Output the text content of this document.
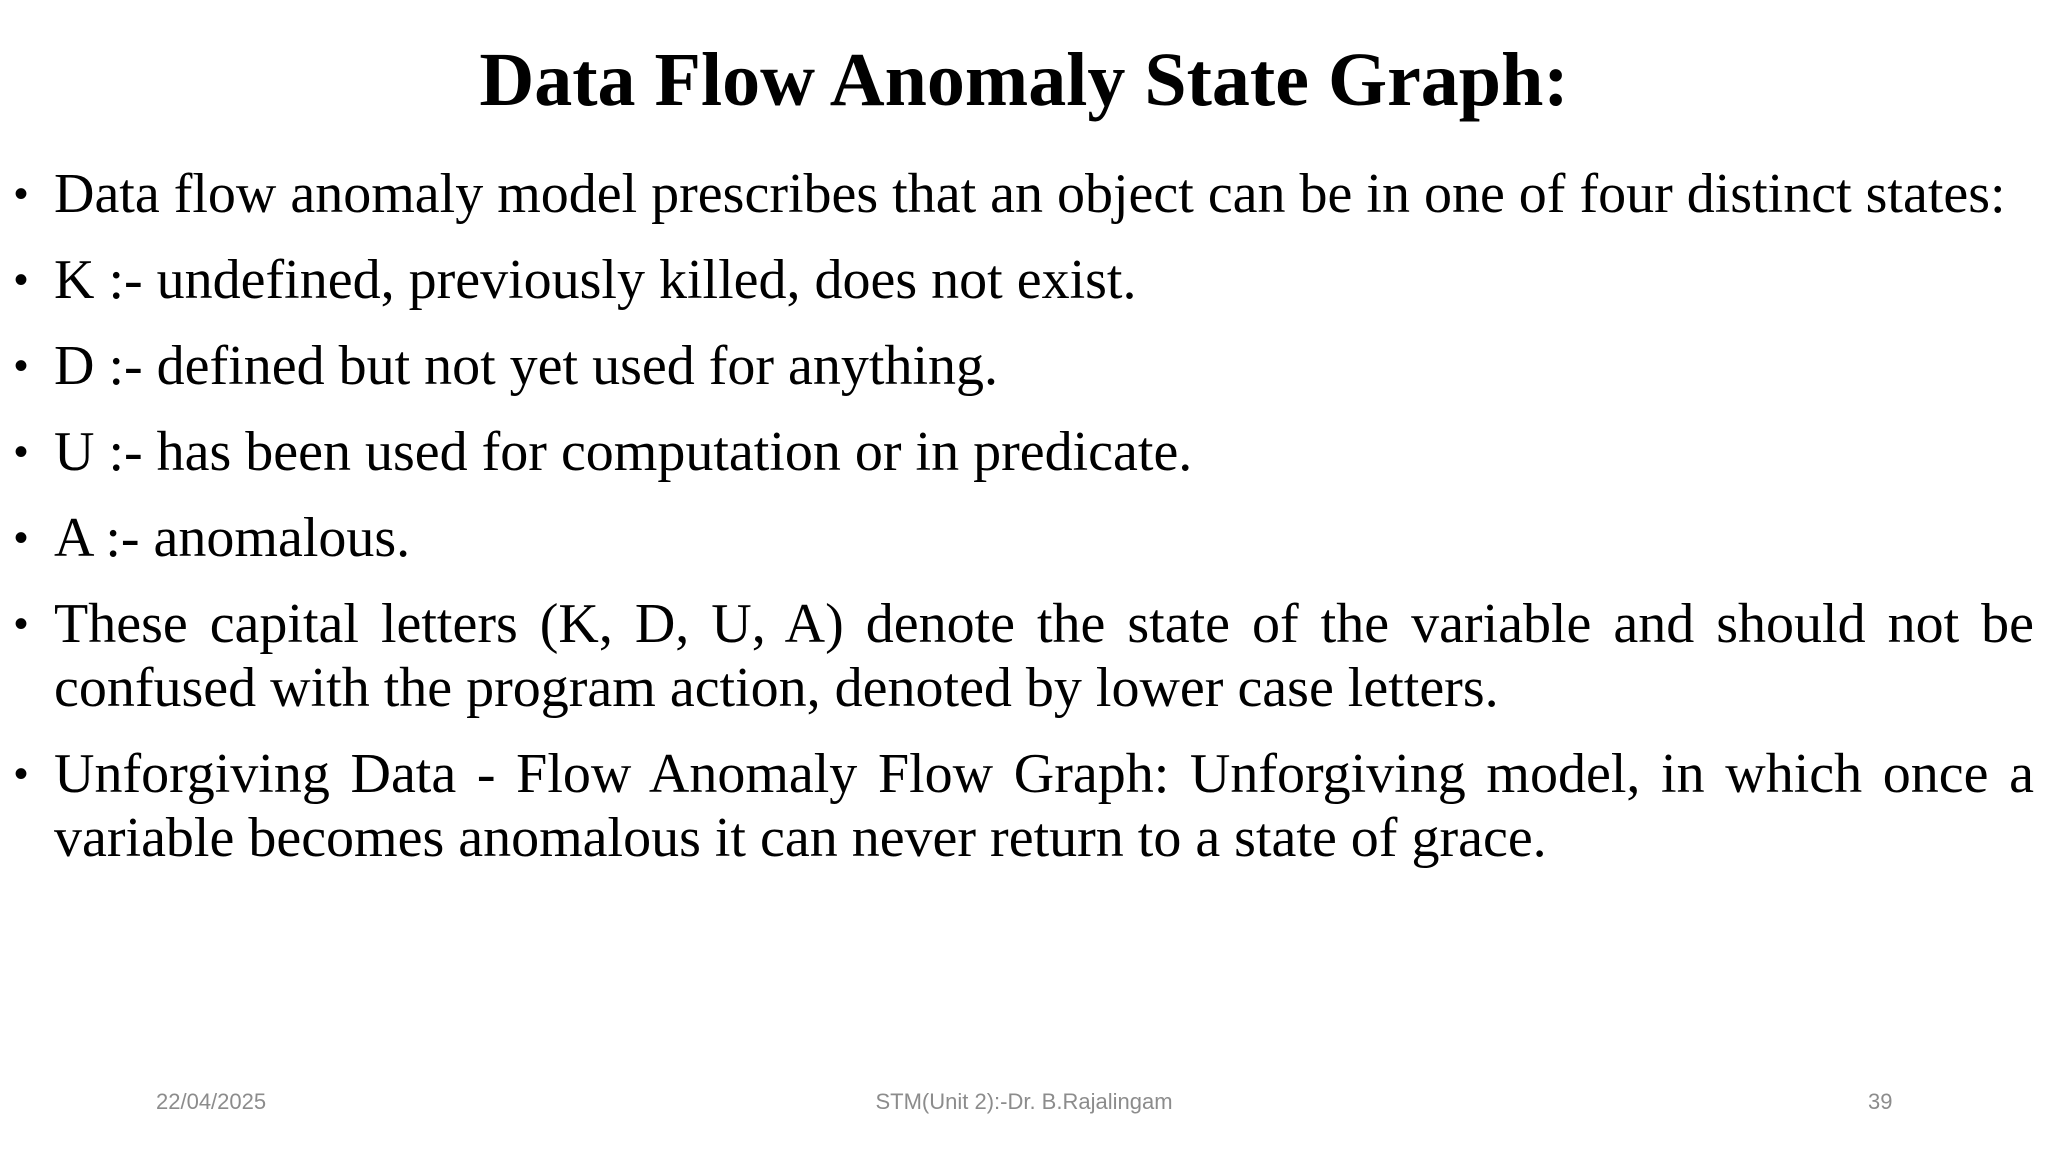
Data Flow Anomaly State Graph:
• Data flow anomaly model prescribes that an object can be in one of four distinct states:
• K :- undefined, previously killed, does not exist.
• D :- defined but not yet used for anything.
• U :- has been used for computation or in predicate.
• A :- anomalous.
• These capital letters (K, D, U, A) denote the state of the variable and should not be confused with the program action, denoted by lower case letters.
• Unforgiving Data - Flow Anomaly Flow Graph: Unforgiving model, in which once a variable becomes anomalous it can never return to a state of grace.
22/04/2025	STM(Unit 2):-Dr. B.Rajalingam	39
